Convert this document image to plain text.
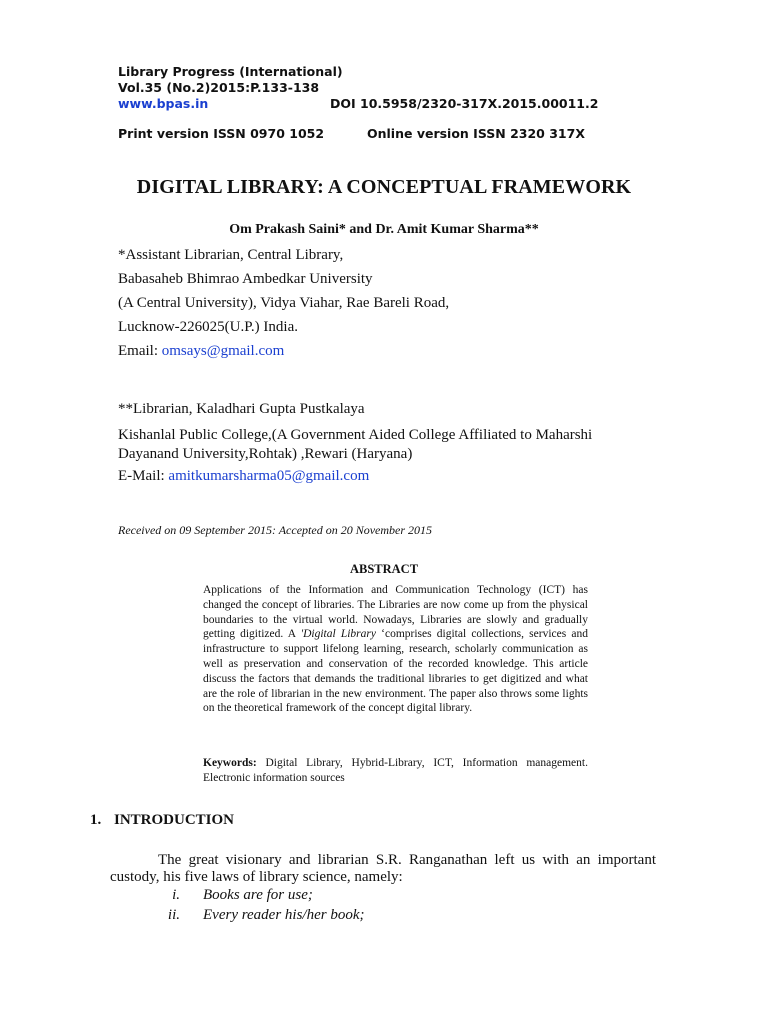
Library Progress (International)
Vol.35 (No.2)2015:P.133-138
www.bpas.in	DOI 10.5958/2320-317X.2015.00011.2
Print version ISSN 0970 1052	Online version ISSN 2320 317X
DIGITAL LIBRARY: A CONCEPTUAL FRAMEWORK
Om Prakash Saini* and Dr. Amit Kumar Sharma**
*Assistant Librarian, Central Library,
Babasaheb Bhimrao Ambedkar University
(A Central University), Vidya Viahar, Rae Bareli Road,
Lucknow-226025(U.P.) India.
Email: omsays@gmail.com
**Librarian, Kaladhari Gupta Pustkalaya
Kishanlal Public College,(A Government Aided College Affiliated to Maharshi
Dayanand University,Rohtak) ,Rewari (Haryana)
E-Mail: amitkumarsharma05@gmail.com
Received on 09 September 2015: Accepted on 20 November 2015
ABSTRACT
Applications of the Information and Communication Technology (ICT) has changed the concept of libraries. The Libraries are now come up from the physical boundaries to the virtual world. Nowadays, Libraries are slowly and gradually getting digitized. A 'Digital Library ‘comprises digital collections, services and infrastructure to support lifelong learning, research, scholarly communication as well as preservation and conservation of the recorded knowledge. This article discuss the factors that demands the traditional libraries to get digitized and what are the role of librarian in the new environment. The paper also throws some lights on the theoretical framework of the concept digital library.
Keywords: Digital Library, Hybrid-Library, ICT, Information management. Electronic information sources
1. INTRODUCTION
The great visionary and librarian S.R. Ranganathan left us with an important custody, his five laws of library science, namely:
i. Books are for use;
ii. Every reader his/her book;
